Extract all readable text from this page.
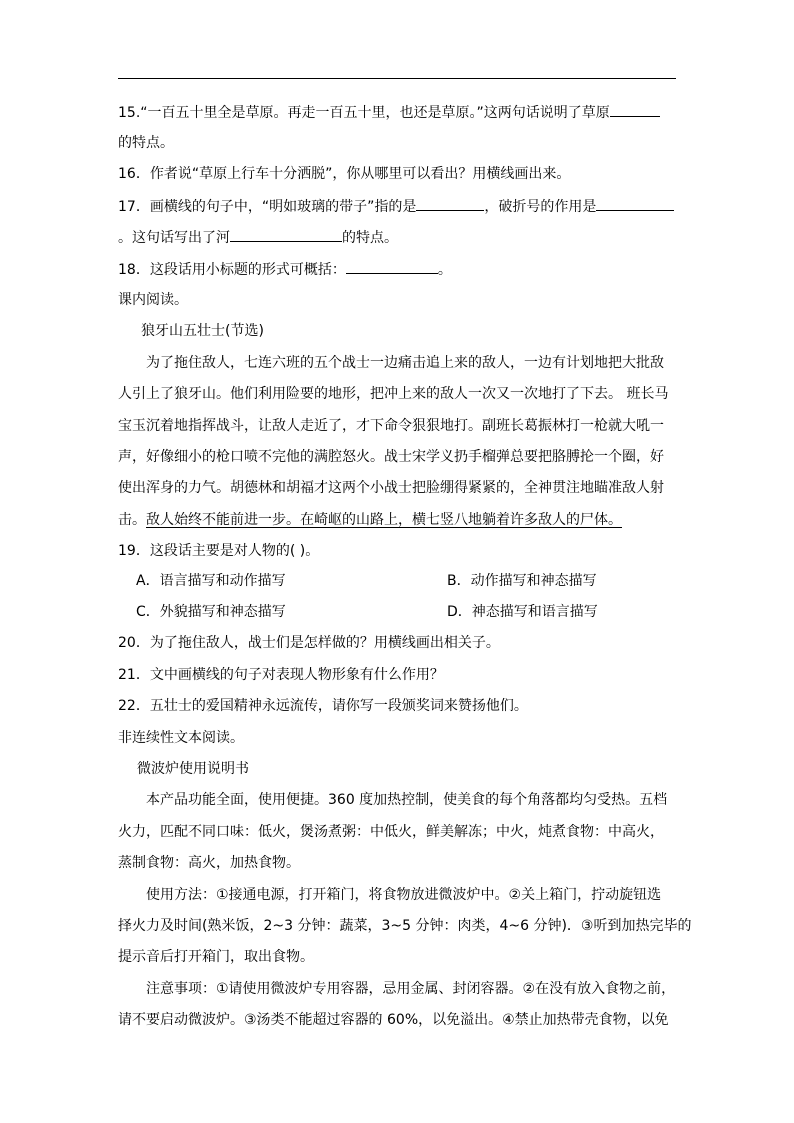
15.“一百五十里全是草原。再走一百五十里，也还是草原。”这两句话说明了草原
的特点。
16．作者说“草原上行车十分洒脱”，你从哪里可以看出？用横线画出来。
17．画横线的句子中，“明如玻璃的带子”指的是	，破折号的作用是
。这句话写出了河	的特点。
18．这段话用小标题的形式可概括：	。
课内阅读。
狼牙山五壮士(节选)
为了拖住敌人，七连六班的五个战士一边痛击追上来的敌人，一边有计划地把大批敌
人引上了狼牙山。他们利用险要的地形，把冲上来的敌人一次又一次地打了下去。 班长马
宝玉沉着地指挥战斗，让敌人走近了，才下命令狠狠地打。副班长葛振林打一枪就大吼一
声，好像细小的枪口喷不完他的满腔怒火。战士宋学义扔手榴弹总要把胳膊抡一个圈，好
使出浑身的力气。胡德林和胡福才这两个小战士把脸绷得紧紧的，全神贯注地瞄准敌人射
击。敌人始终不能前进一步。在崎岖的山路上，横七竖八地躺着许多敌人的尸体。
19．这段话主要是对人物的( )。
A．语言描写和动作描写	B．动作描写和神态描写
C．外貌描写和神态描写	D．神态描写和语言描写
20．为了拖住敌人，战士们是怎样做的？用横线画出相关子。
21．文中画横线的句子对表现人物形象有什么作用？
22．五壮士的爱国精神永远流传，请你写一段颁奖词来赞扬他们。
非连续性文本阅读。
微波炉使用说明书
本产品功能全面，使用便捷。360 度加热控制，使美食的每个角落都均匀受热。五档
火力，匹配不同口味：低火，煲汤煮粥：中低火，鲜美解冻；中火，炖煮食物：中高火，
蒸制食物：高火，加热食物。
使用方法：①接通电源，打开箱门，将食物放进微波炉中。②关上箱门，拧动旋钮选
择火力及时间(熟米饭，2~3 分钟：蔬菜，3~5 分钟：肉类，4~6 分钟)．③听到加热完毕的
提示音后打开箱门，取出食物。
注意事项：①请使用微波炉专用容器，忌用金属、封闭容器。②在没有放入食物之前，
请不要启动微波炉。③汤类不能超过容器的 60%，以免溢出。④禁止加热带壳食物，以免
